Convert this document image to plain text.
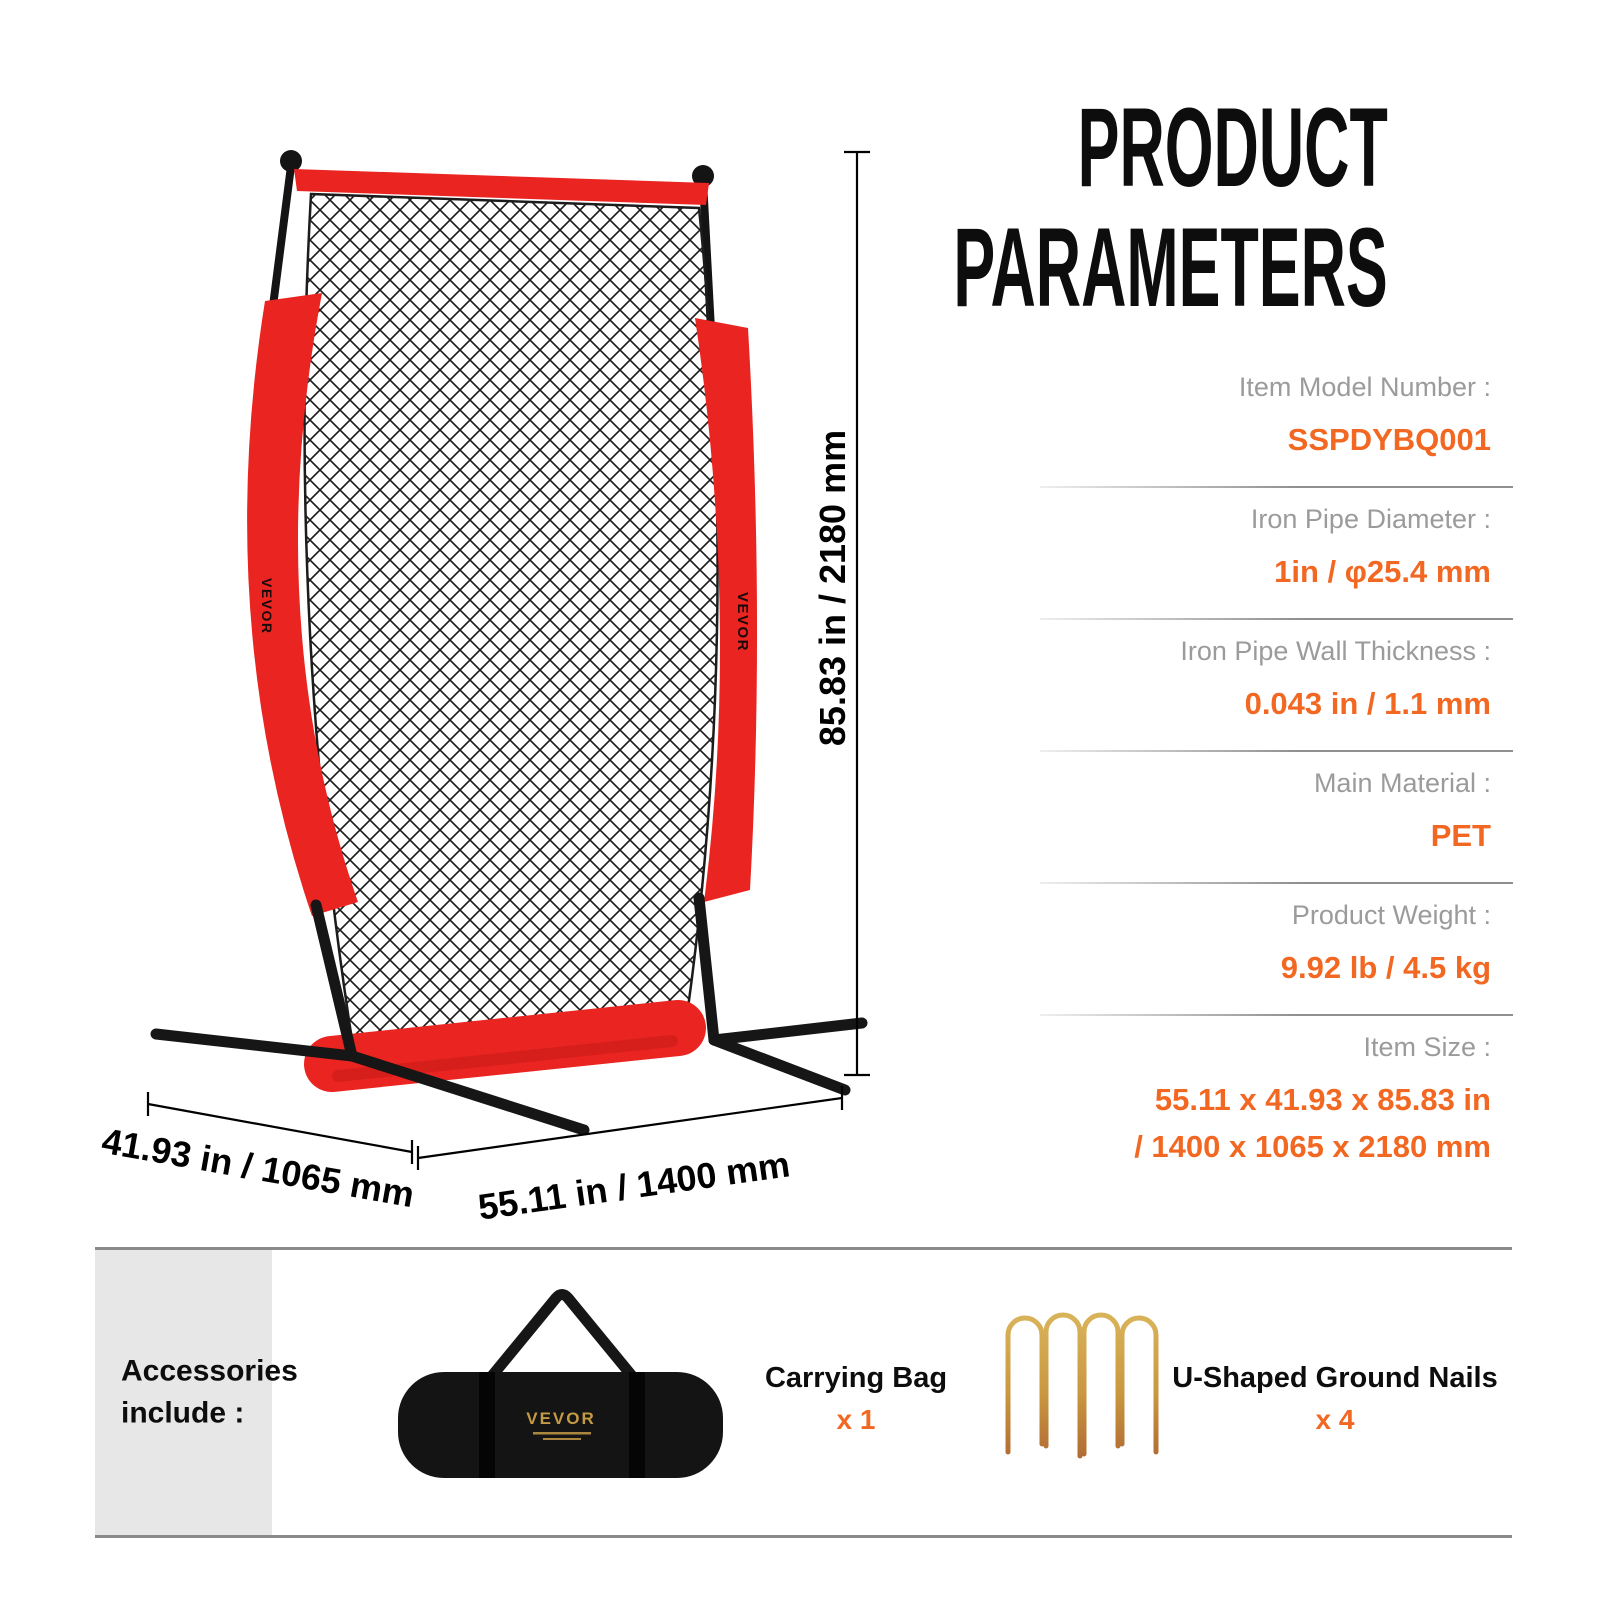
VEVOR	VEVOR
VEVOR
PRODUCT
PARAMETERS
Item Model Number :
SSPDYBQ001
Iron Pipe Diameter :
1in / φ25.4 mm
Iron Pipe Wall Thickness :
0.043 in / 1.1 mm
Main Material :
PET
Product Weight :
9.92 lb / 4.5 kg
Item Size :
55.11 x 41.93 x 85.83 in
/ 1400 x 1065 x 2180 mm
85.83 in / 2180 mm
41.93 in / 1065 mm 55.11 in / 1400 mm
Accessories
include :
Carrying Bag
x 1
U-Shaped Ground Nails
x 4
